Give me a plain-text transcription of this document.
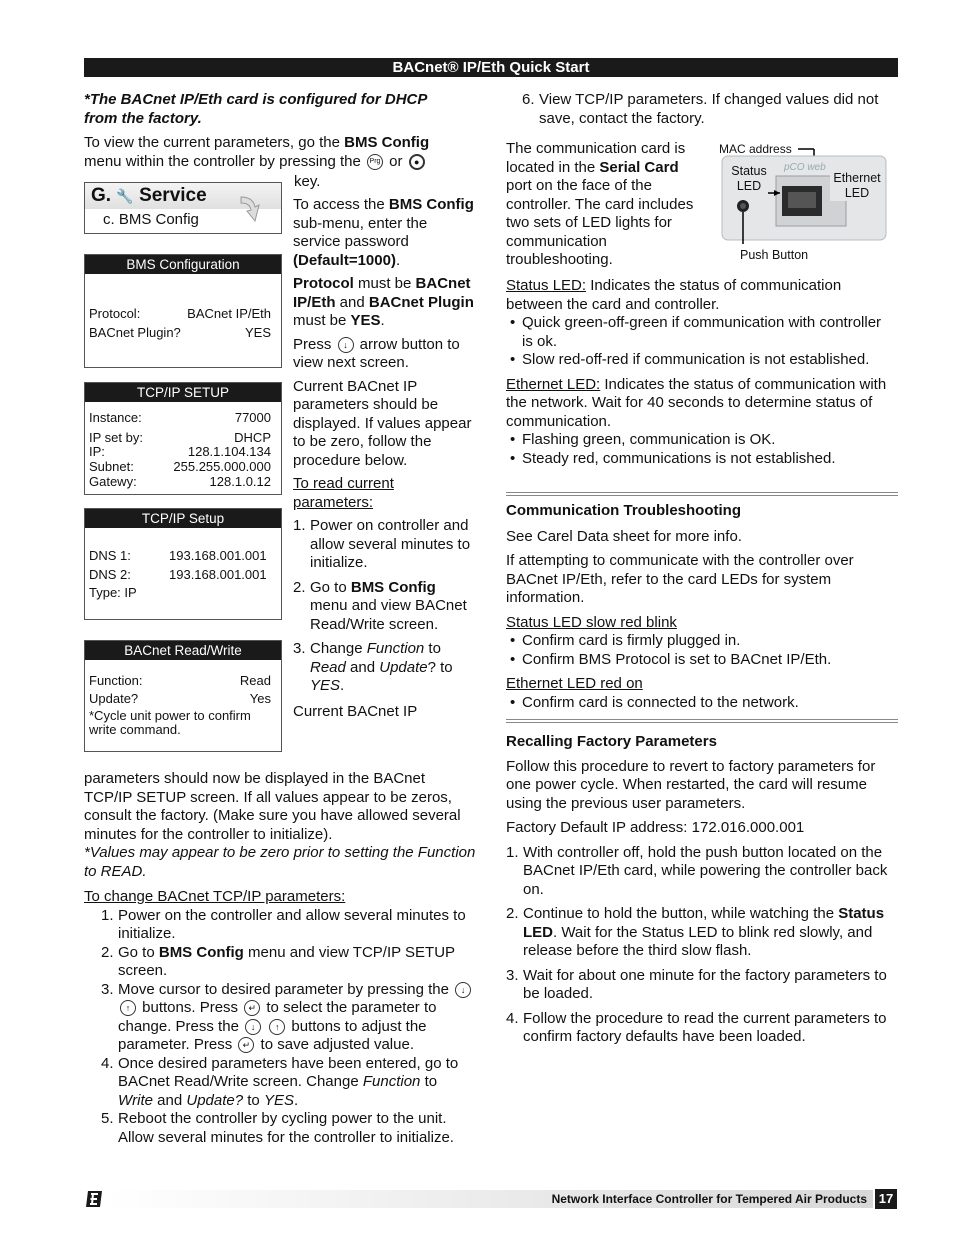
BACnet® IP/Eth Quick Start

*The BACnet IP/Eth card is configured for DHCP from the factory.

To view the current parameters, go the BMS Config menu within the controller by pressing the Prg or ●

key.
G. 🔧 Service
c. BMS Config
BMS Configuration
Protocol:	BACnet IP/Eth
BACnet Plugin?	YES
TCP/IP SETUP
Instance:	77000
IP set by:	DHCP
IP:	128.1.104.134
Subnet:	255.255.000.000
Gatewy:	128.1.0.12
TCP/IP Setup
DNS 1:	193.168.001.001
DNS 2:	193.168.001.001
Type: IP
BACnet Read/Write
Function:	Read
Update?	Yes
*Cycle unit power to confirm write command.

To access the BMS Config sub-menu, enter the service password (Default=1000).

Protocol must be BACnet IP/Eth and BACnet Plugin must be YES.

Press ↓ arrow button to view next screen.

Current BACnet IP parameters should be displayed. If values appear to be zero, follow the procedure below.

To read current parameters:

1. Power on controller and allow several minutes to initialize.
2. Go to BMS Config menu and view BACnet Read/Write screen.
3. Change Function to Read and Update? to YES.

Current BACnet IP

parameters should now be displayed in the BACnet TCP/IP SETUP screen. If all values appear to be zeros, consult the factory. (Make sure you have allowed several minutes for the controller to initialize).

*Values may appear to be zero prior to setting the Function to READ.

To change BACnet TCP/IP parameters:

1. Power on the controller and allow several minutes to initialize.
2. Go to BMS Config menu and view TCP/IP SETUP screen.
3. Move cursor to desired parameter by pressing the ↓ ↑ buttons. Press ↵ to select the parameter to change. Press the ↓ ↑ buttons to adjust the parameter. Press ↵ to save adjusted value.
4. Once desired parameters have been entered, go to BACnet Read/Write screen. Change Function to Write and Update? to YES.
5. Reboot the controller by cycling power to the unit. Allow several minutes for the controller to initialize.
6. View TCP/IP parameters. If changed values did not save, contact the factory.

The communication card is located in the Serial Card port on the face of the controller. The card includes two sets of LED lights for communication troubleshooting.

MAC address
pCO web
Status LED
Ethernet LED
Push Button

Status LED: Indicates the status of communication between the card and controller.

• Quick green-off-green if communication with controller is ok.
• Slow red-off-red if communication is not established.

Ethernet LED: Indicates the status of communication with the network. Wait for 40 seconds to determine status of communication.

• Flashing green, communication is OK.
• Steady red, communications is not established.

Communication Troubleshooting

See Carel Data sheet for more info.

If attempting to communicate with the controller over BACnet IP/Eth, refer to the card LEDs for system information.

Status LED slow red blink

• Confirm card is firmly plugged in.
• Confirm BMS Protocol is set to BACnet IP/Eth.

Ethernet LED red on

• Confirm card is connected to the network.

Recalling Factory Parameters

Follow this procedure to revert to factory parameters for one power cycle. When restarted, the card will resume using the previous user parameters.

Factory Default IP address: 172.016.000.001

1. With controller off, hold the push button located on the BACnet IP/Eth card, while powering the controller back on.
2. Continue to hold the button, while watching the Status LED. Wait for the Status LED to blink red slowly, and release before the third slow flash.
3. Wait for about one minute for the factory parameters to be loaded.
4. Follow the procedure to read the current parameters to confirm factory defaults have been loaded.
Network Interface Controller for Tempered Air Products 17
